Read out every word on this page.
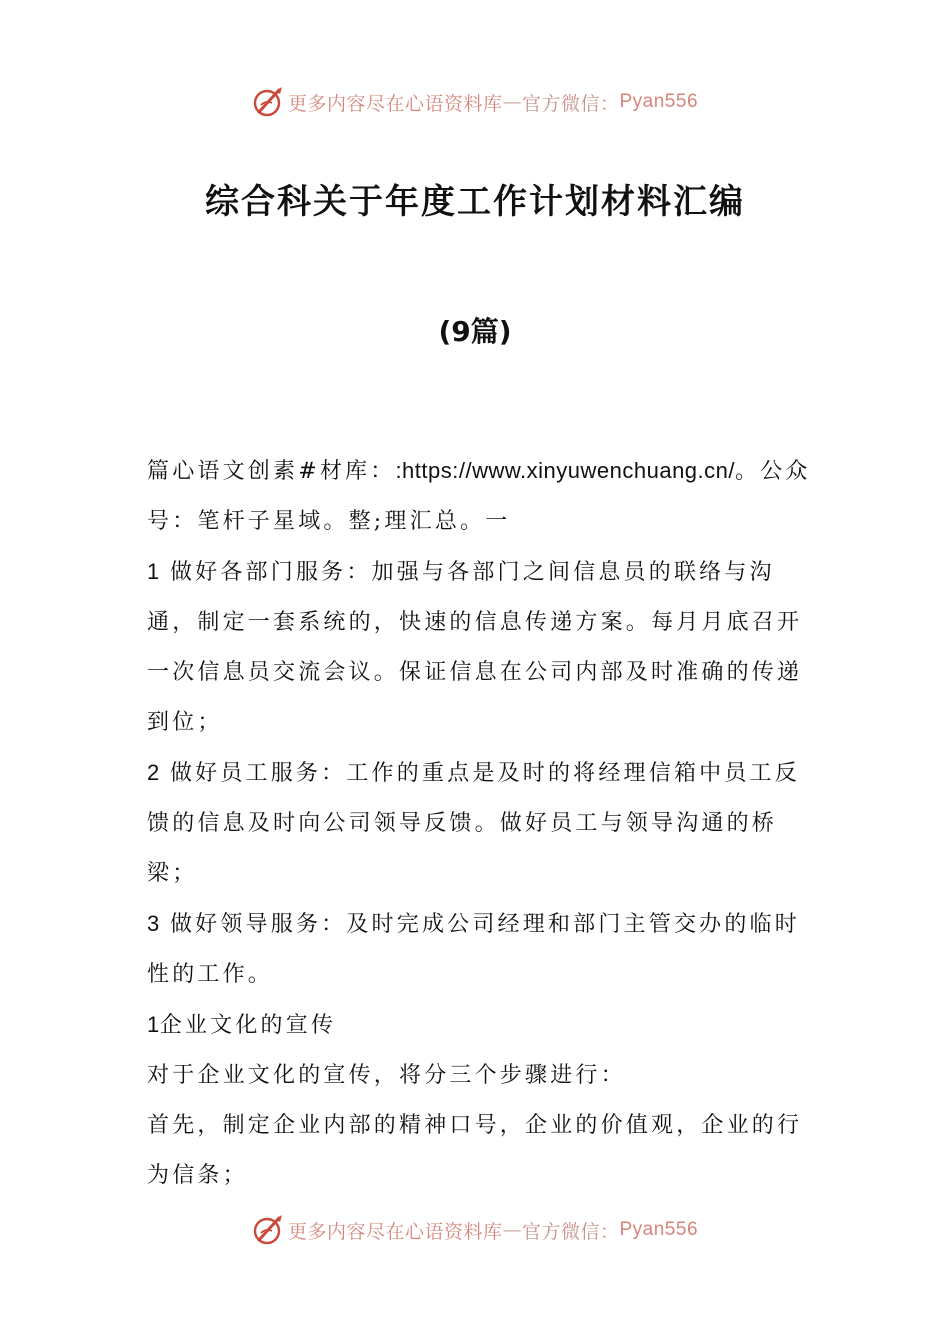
更多内容尽在心语资料库 — 官方微信： Pyan556
综合科关于年度工作计划材料汇编
(9篇)

篇心语文创素#材库：:https://www.xinyuwenchuang.cn/。公众号：笔杆子星域。整;理汇总。一

1 做好各部门服务：加强与各部门之间信息员的联络与沟通，制定一套系统的，快速的信息传递方案。每月月底召开一次信息员交流会议。保证信息在公司内部及时准确的传递到位；

2 做好员工服务：工作的重点是及时的将经理信箱中员工反馈的信息及时向公司领导反馈。做好员工与领导沟通的桥梁；

3 做好领导服务：及时完成公司经理和部门主管交办的临时性的工作。

1企业文化的宣传

对于企业文化的宣传，将分三个步骤进行：

首先，制定企业内部的精神口号，企业的价值观，企业的行为信条；

更多内容尽在心语资料库 — 官方微信： Pyan556
